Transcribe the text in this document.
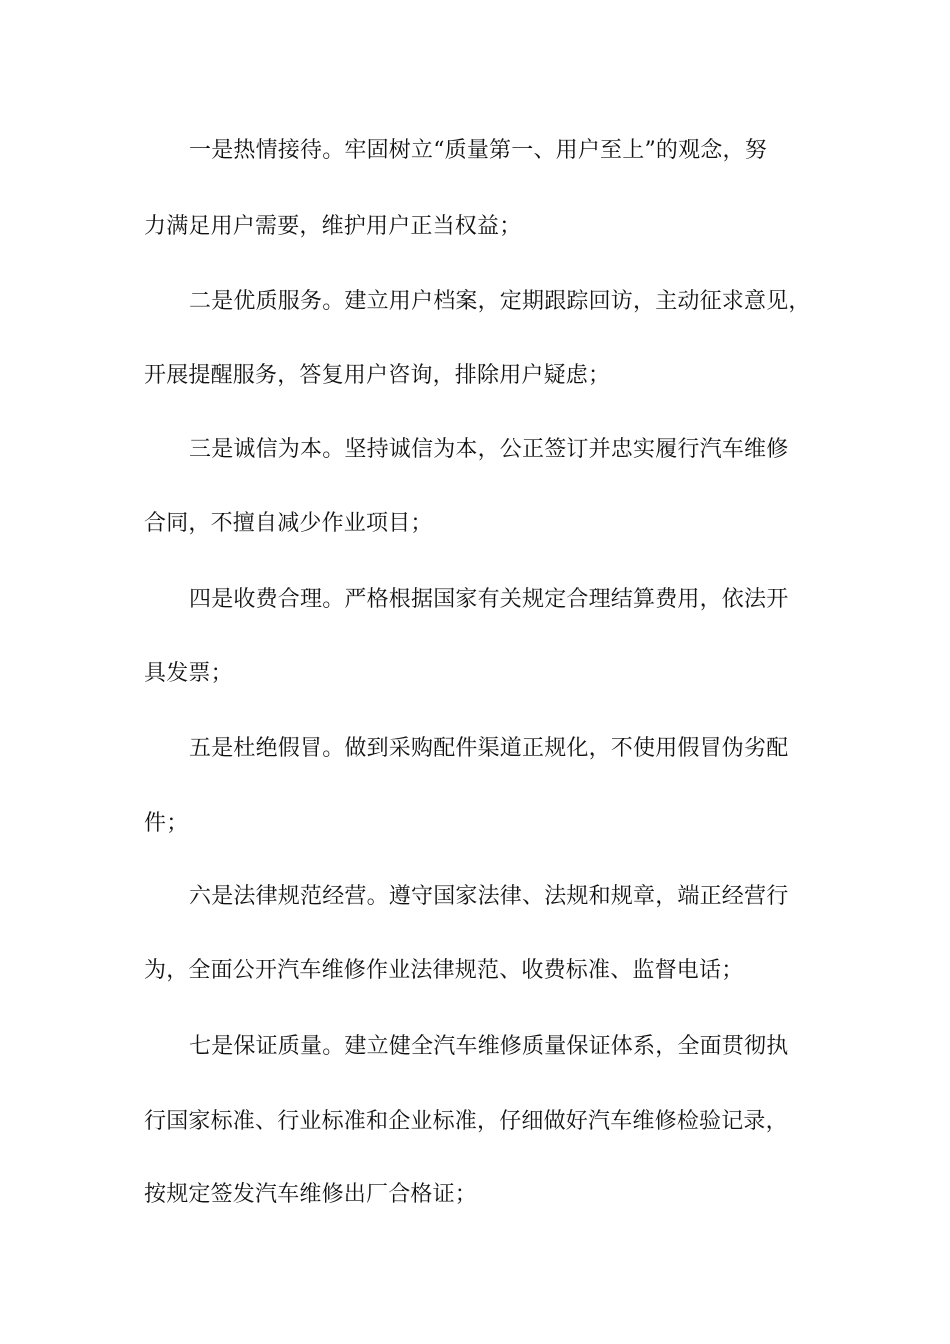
一是热情接待。牢固树立“质量第一、用户至上”的观念，努
力满足用户需要，维护用户正当权益；
二是优质服务。建立用户档案，定期跟踪回访，主动征求意见，
开展提醒服务，答复用户咨询，排除用户疑虑；
三是诚信为本。坚持诚信为本，公正签订并忠实履行汽车维修
合同，不擅自减少作业项目；
四是收费合理。严格根据国家有关规定合理结算费用，依法开
具发票；
五是杜绝假冒。做到采购配件渠道正规化，不使用假冒伪劣配
件；
六是法律规范经营。遵守国家法律、法规和规章，端正经营行
为，全面公开汽车维修作业法律规范、收费标准、监督电话；
七是保证质量。建立健全汽车维修质量保证体系，全面贯彻执
行国家标准、行业标准和企业标准，仔细做好汽车维修检验记录，
按规定签发汽车维修出厂合格证；
